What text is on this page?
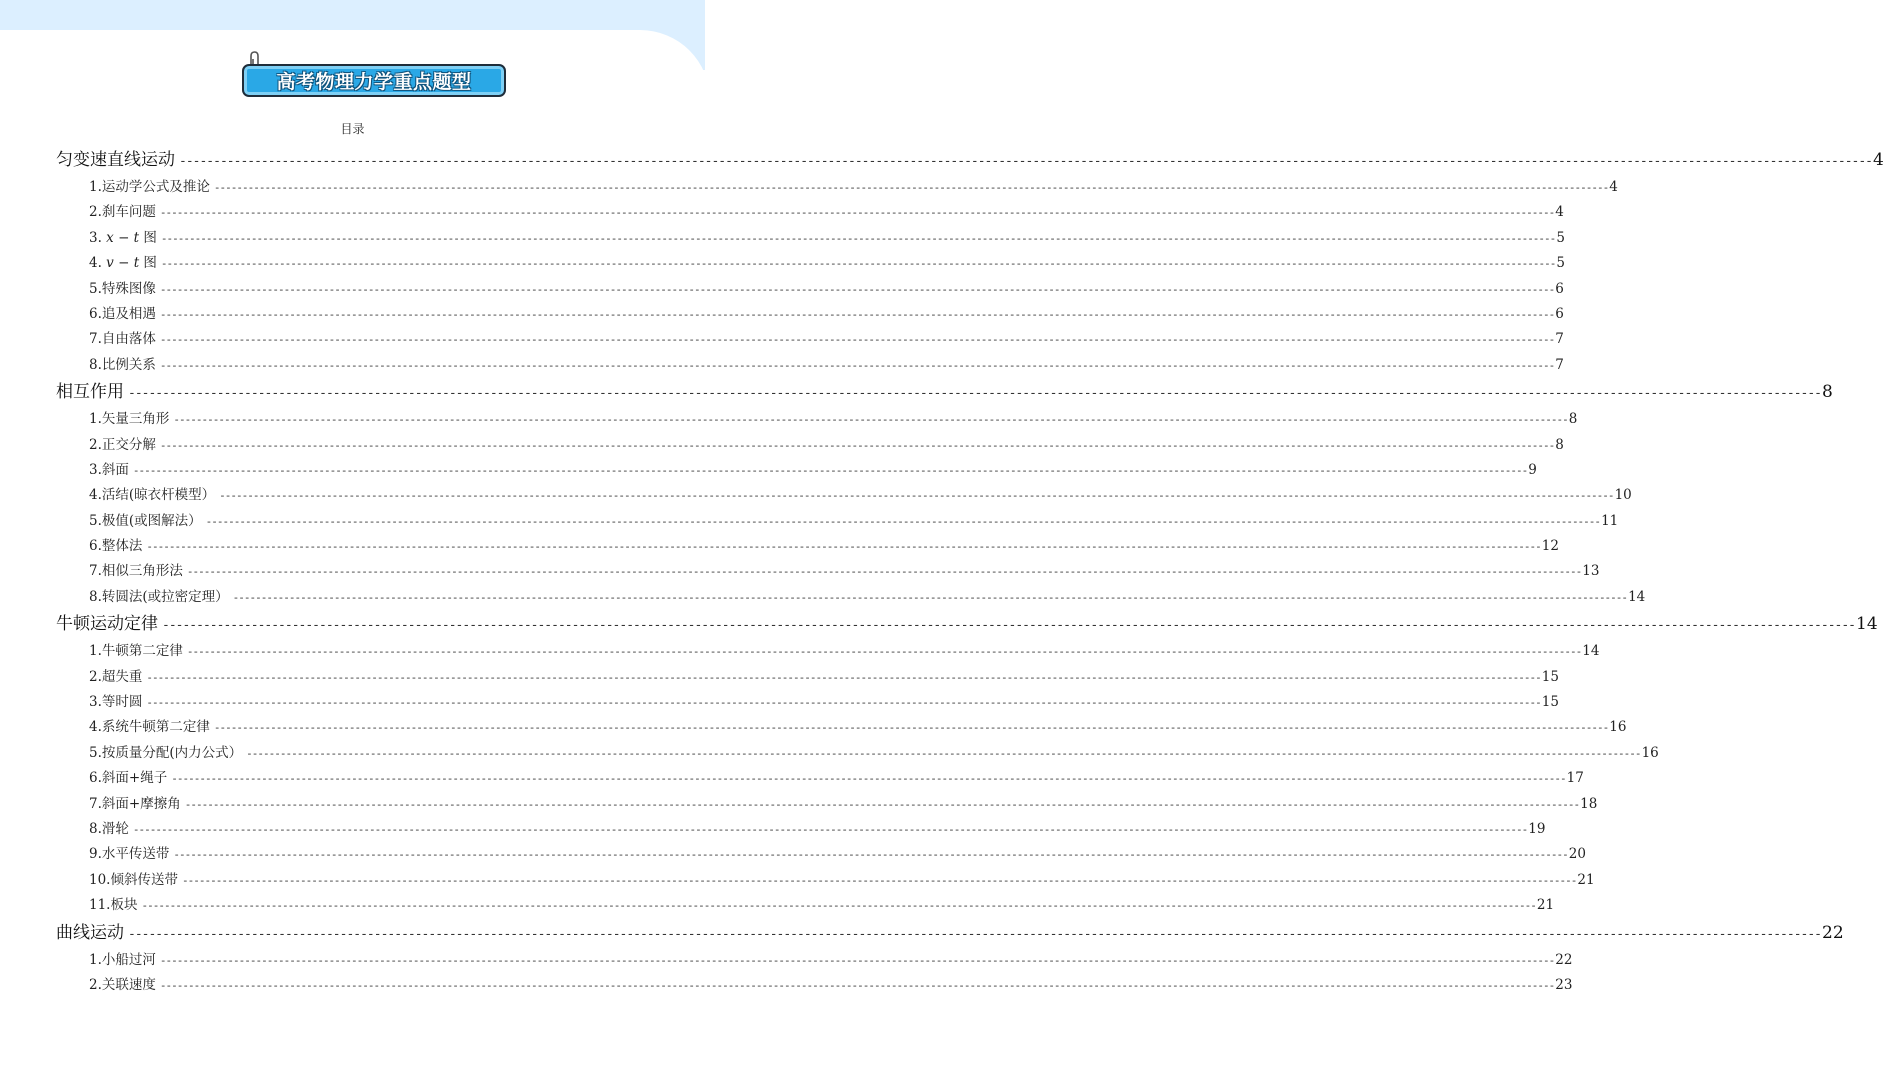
高考物理力学重点题型
目录
匀变速直线运动 -------------------------------------------------------------------------------------------------------------------------------------------------------------------------------------------------------------------------------------------------------- 4
1.运动学公式及推论 -------------------------------------------------------------------------------------------------------------------------------------------------------------------------------------------------------------------------------------------------------- 4
2.刹车问题 -------------------------------------------------------------------------------------------------------------------------------------------------------------------------------------------------------------------------------------------------------- 4
3. 𝑥 − 𝑡 图 -------------------------------------------------------------------------------------------------------------------------------------------------------------------------------------------------------------------------------------------------------- 5
4. 𝑣 − 𝑡 图 -------------------------------------------------------------------------------------------------------------------------------------------------------------------------------------------------------------------------------------------------------- 5
5.特殊图像 -------------------------------------------------------------------------------------------------------------------------------------------------------------------------------------------------------------------------------------------------------- 6
6.追及相遇 -------------------------------------------------------------------------------------------------------------------------------------------------------------------------------------------------------------------------------------------------------- 6
7.自由落体 -------------------------------------------------------------------------------------------------------------------------------------------------------------------------------------------------------------------------------------------------------- 7
8.比例关系 -------------------------------------------------------------------------------------------------------------------------------------------------------------------------------------------------------------------------------------------------------- 7
相互作用 -------------------------------------------------------------------------------------------------------------------------------------------------------------------------------------------------------------------------------------------------------- 8
1.矢量三角形 -------------------------------------------------------------------------------------------------------------------------------------------------------------------------------------------------------------------------------------------------------- 8
2.正交分解 -------------------------------------------------------------------------------------------------------------------------------------------------------------------------------------------------------------------------------------------------------- 8
3.斜面 -------------------------------------------------------------------------------------------------------------------------------------------------------------------------------------------------------------------------------------------------------- 9
4.活结(晾衣杆模型） -------------------------------------------------------------------------------------------------------------------------------------------------------------------------------------------------------------------------------------------------------- 10
5.极值(或图解法） -------------------------------------------------------------------------------------------------------------------------------------------------------------------------------------------------------------------------------------------------------- 11
6.整体法 -------------------------------------------------------------------------------------------------------------------------------------------------------------------------------------------------------------------------------------------------------- 12
7.相似三角形法 -------------------------------------------------------------------------------------------------------------------------------------------------------------------------------------------------------------------------------------------------------- 13
8.转圆法(或拉密定理） -------------------------------------------------------------------------------------------------------------------------------------------------------------------------------------------------------------------------------------------------------- 14
牛顿运动定律 -------------------------------------------------------------------------------------------------------------------------------------------------------------------------------------------------------------------------------------------------------- 14
1.牛顿第二定律 -------------------------------------------------------------------------------------------------------------------------------------------------------------------------------------------------------------------------------------------------------- 14
2.超失重 -------------------------------------------------------------------------------------------------------------------------------------------------------------------------------------------------------------------------------------------------------- 15
3.等时圆 -------------------------------------------------------------------------------------------------------------------------------------------------------------------------------------------------------------------------------------------------------- 15
4.系统牛顿第二定律 -------------------------------------------------------------------------------------------------------------------------------------------------------------------------------------------------------------------------------------------------------- 16
5.按质量分配(内力公式） -------------------------------------------------------------------------------------------------------------------------------------------------------------------------------------------------------------------------------------------------------- 16
6.斜面+绳子 -------------------------------------------------------------------------------------------------------------------------------------------------------------------------------------------------------------------------------------------------------- 17
7.斜面+摩擦角 -------------------------------------------------------------------------------------------------------------------------------------------------------------------------------------------------------------------------------------------------------- 18
8.滑轮 -------------------------------------------------------------------------------------------------------------------------------------------------------------------------------------------------------------------------------------------------------- 19
9.水平传送带 -------------------------------------------------------------------------------------------------------------------------------------------------------------------------------------------------------------------------------------------------------- 20
10.倾斜传送带 -------------------------------------------------------------------------------------------------------------------------------------------------------------------------------------------------------------------------------------------------------- 21
11.板块 -------------------------------------------------------------------------------------------------------------------------------------------------------------------------------------------------------------------------------------------------------- 21
曲线运动 -------------------------------------------------------------------------------------------------------------------------------------------------------------------------------------------------------------------------------------------------------- 22
1.小船过河 -------------------------------------------------------------------------------------------------------------------------------------------------------------------------------------------------------------------------------------------------------- 22
2.关联速度 -------------------------------------------------------------------------------------------------------------------------------------------------------------------------------------------------------------------------------------------------------- 23
